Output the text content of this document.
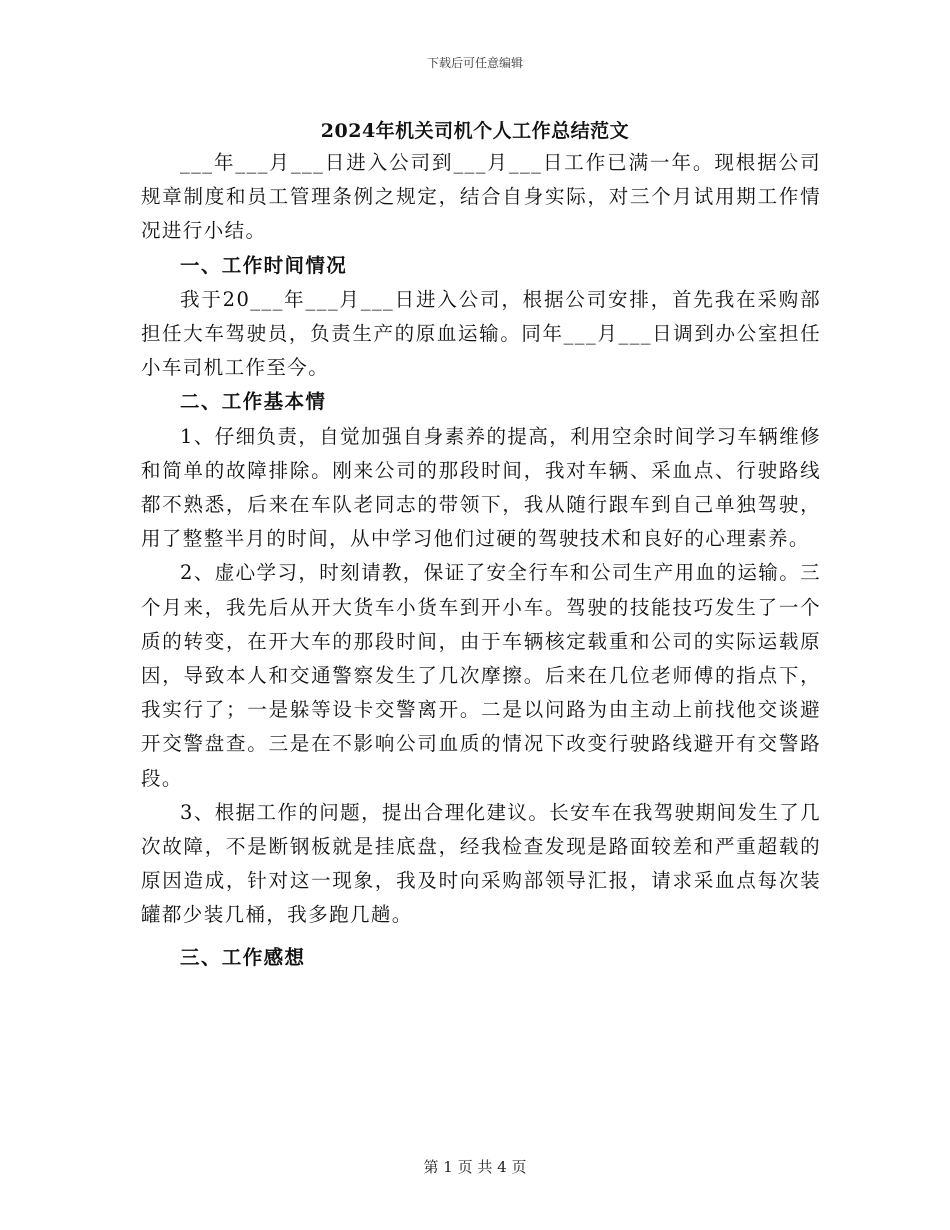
下载后可任意编辑
2024年机关司机个人工作总结范文

___年___月___日进入公司到___月___日工作已满一年。现根据公司规章制度和员工管理条例之规定，结合自身实际，对三个月试用期工作情况进行小结。

一、工作时间情况

我于20___年___月___日进入公司，根据公司安排，首先我在采购部担任大车驾驶员，负责生产的原血运输。同年___月___日调到办公室担任小车司机工作至今。

二、工作基本情

1、仔细负责，自觉加强自身素养的提高，利用空余时间学习车辆维修和简单的故障排除。刚来公司的那段时间，我对车辆、采血点、行驶路线都不熟悉，后来在车队老同志的带领下，我从随行跟车到自己单独驾驶，用了整整半月的时间，从中学习他们过硬的驾驶技术和良好的心理素养。

2、虚心学习，时刻请教，保证了安全行车和公司生产用血的运输。三个月来，我先后从开大货车小货车到开小车。驾驶的技能技巧发生了一个质的转变，在开大车的那段时间，由于车辆核定载重和公司的实际运载原因，导致本人和交通警察发生了几次摩擦。后来在几位老师傅的指点下，我实行了；一是躲等设卡交警离开。二是以问路为由主动上前找他交谈避开交警盘查。三是在不影响公司血质的情况下改变行驶路线避开有交警路段。

3、根据工作的问题，提出合理化建议。长安车在我驾驶期间发生了几次故障，不是断钢板就是挂底盘，经我检查发现是路面较差和严重超载的原因造成，针对这一现象，我及时向采购部领导汇报，请求采血点每次装罐都少装几桶，我多跑几趟。

三、工作感想

第 1 页 共 4 页
